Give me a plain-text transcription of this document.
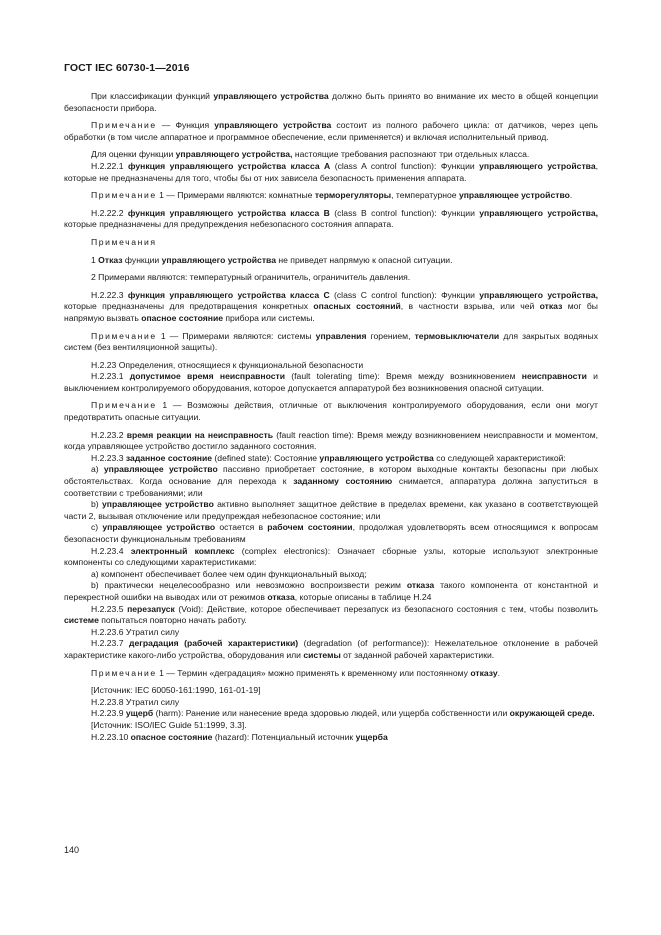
ГОСТ IEC 60730-1—2016

При классификации функций управляющего устройства должно быть принято во внимание их место в общей концепции безопасности прибора.

Примечание — Функция управляющего устройства состоит из полного рабочего цикла: от датчиков, через цепь обработки (в том числе аппаратное и программное обеспечение, если применяется) и включая исполнительный привод.

Для оценки функции управляющего устройства, настоящие требования распознают три отдельных класса.

Н.2.22.1 функция управляющего устройства класса А (class A control function): Функции управляющего устройства, которые не предназначены для того, чтобы бы от них зависела безопасность применения аппарата.

Примечание 1 — Примерами являются: комнатные терморегуляторы, температурное управляющее устройство.

Н.2.22.2 функция управляющего устройства класса В (class B control function): Функции управляющего устройства, которые предназначены для предупреждения небезопасного состояния аппарата.

Примечания

1 Отказ функции управляющего устройства не приведет напрямую к опасной ситуации.

2 Примерами являются: температурный ограничитель, ограничитель давления.

Н.2.22.3 функция управляющего устройства класса С (class C control function): Функции управляющего устройства, которые предназначены для предотвращения конкретных опасных состояний, в частности взрыва, или чей отказ мог бы напрямую вызвать опасное состояние прибора или системы.

Примечание 1 — Примерами являются: системы управления горением, термовыключатели для закрытых водяных систем (без вентиляционной защиты).

Н.2.23 Определения, относящиеся к функциональной безопасности

Н.2.23.1 допустимое время неисправности (fault tolerating time): Время между возникновением неисправности и выключением контролируемого оборудования, которое допускается аппаратурой без возникновения опасной ситуации.

Примечание 1 — Возможны действия, отличные от выключения контролируемого оборудования, если они могут предотвратить опасные ситуации.

Н.2.23.2 время реакции на неисправность (fault reaction time): Время между возникновением неисправности и моментом, когда управляющее устройство достигло заданного состояния.

Н.2.23.3 заданное состояние (defined state): Состояние управляющего устройства со следующей характеристикой:

а) управляющее устройство пассивно приобретает состояние, в котором выходные контакты безопасны при любых обстоятельствах. Когда основание для перехода к заданному состоянию снимается, аппаратура должна запуститься в соответствии с требованиями; или

b) управляющее устройство активно выполняет защитное действие в пределах времени, как указано в соответствующей части 2, вызывая отключение или предупреждая небезопасное состояние; или

с) управляющее устройство остается в рабочем состоянии, продолжая удовлетворять всем относящимся к вопросам безопасности функциональным требованиям

Н.2.23.4 электронный комплекс (complex electronics): Означает сборные узлы, которые используют электронные компоненты со следующими характеристиками:

а) компонент обеспечивает более чем один функциональный выход;

b) практически нецелесообразно или невозможно воспроизвести режим отказа такого компонента от константной и перекрестной ошибки на выводах или от режимов отказа, которые описаны в таблице Н.24

Н.2.23.5 перезапуск (Void): Действие, которое обеспечивает перезапуск из безопасного состояния с тем, чтобы позволить системе попытаться повторно начать работу.

Н.2.23.6 Утратил силу

Н.2.23.7 деградация (рабочей характеристики) (degradation (of performance)): Нежелательное отклонение в рабочей характеристике какого-либо устройства, оборудования или системы от заданной рабочей характеристики.

Примечание 1 — Термин «деградация» можно применять к временному или постоянному отказу.

[Источник: IEC 60050-161:1990, 161-01-19]

Н.2.23.8 Утратил силу

Н.2.23.9 ущерб (harm): Ранение или нанесение вреда здоровью людей, или ущерба собственности или окружающей среде.

[Источник: ISO/IEC Guide 51:1999, 3.3].

Н.2.23.10 опасное состояние (hazard): Потенциальный источник ущерба

140
